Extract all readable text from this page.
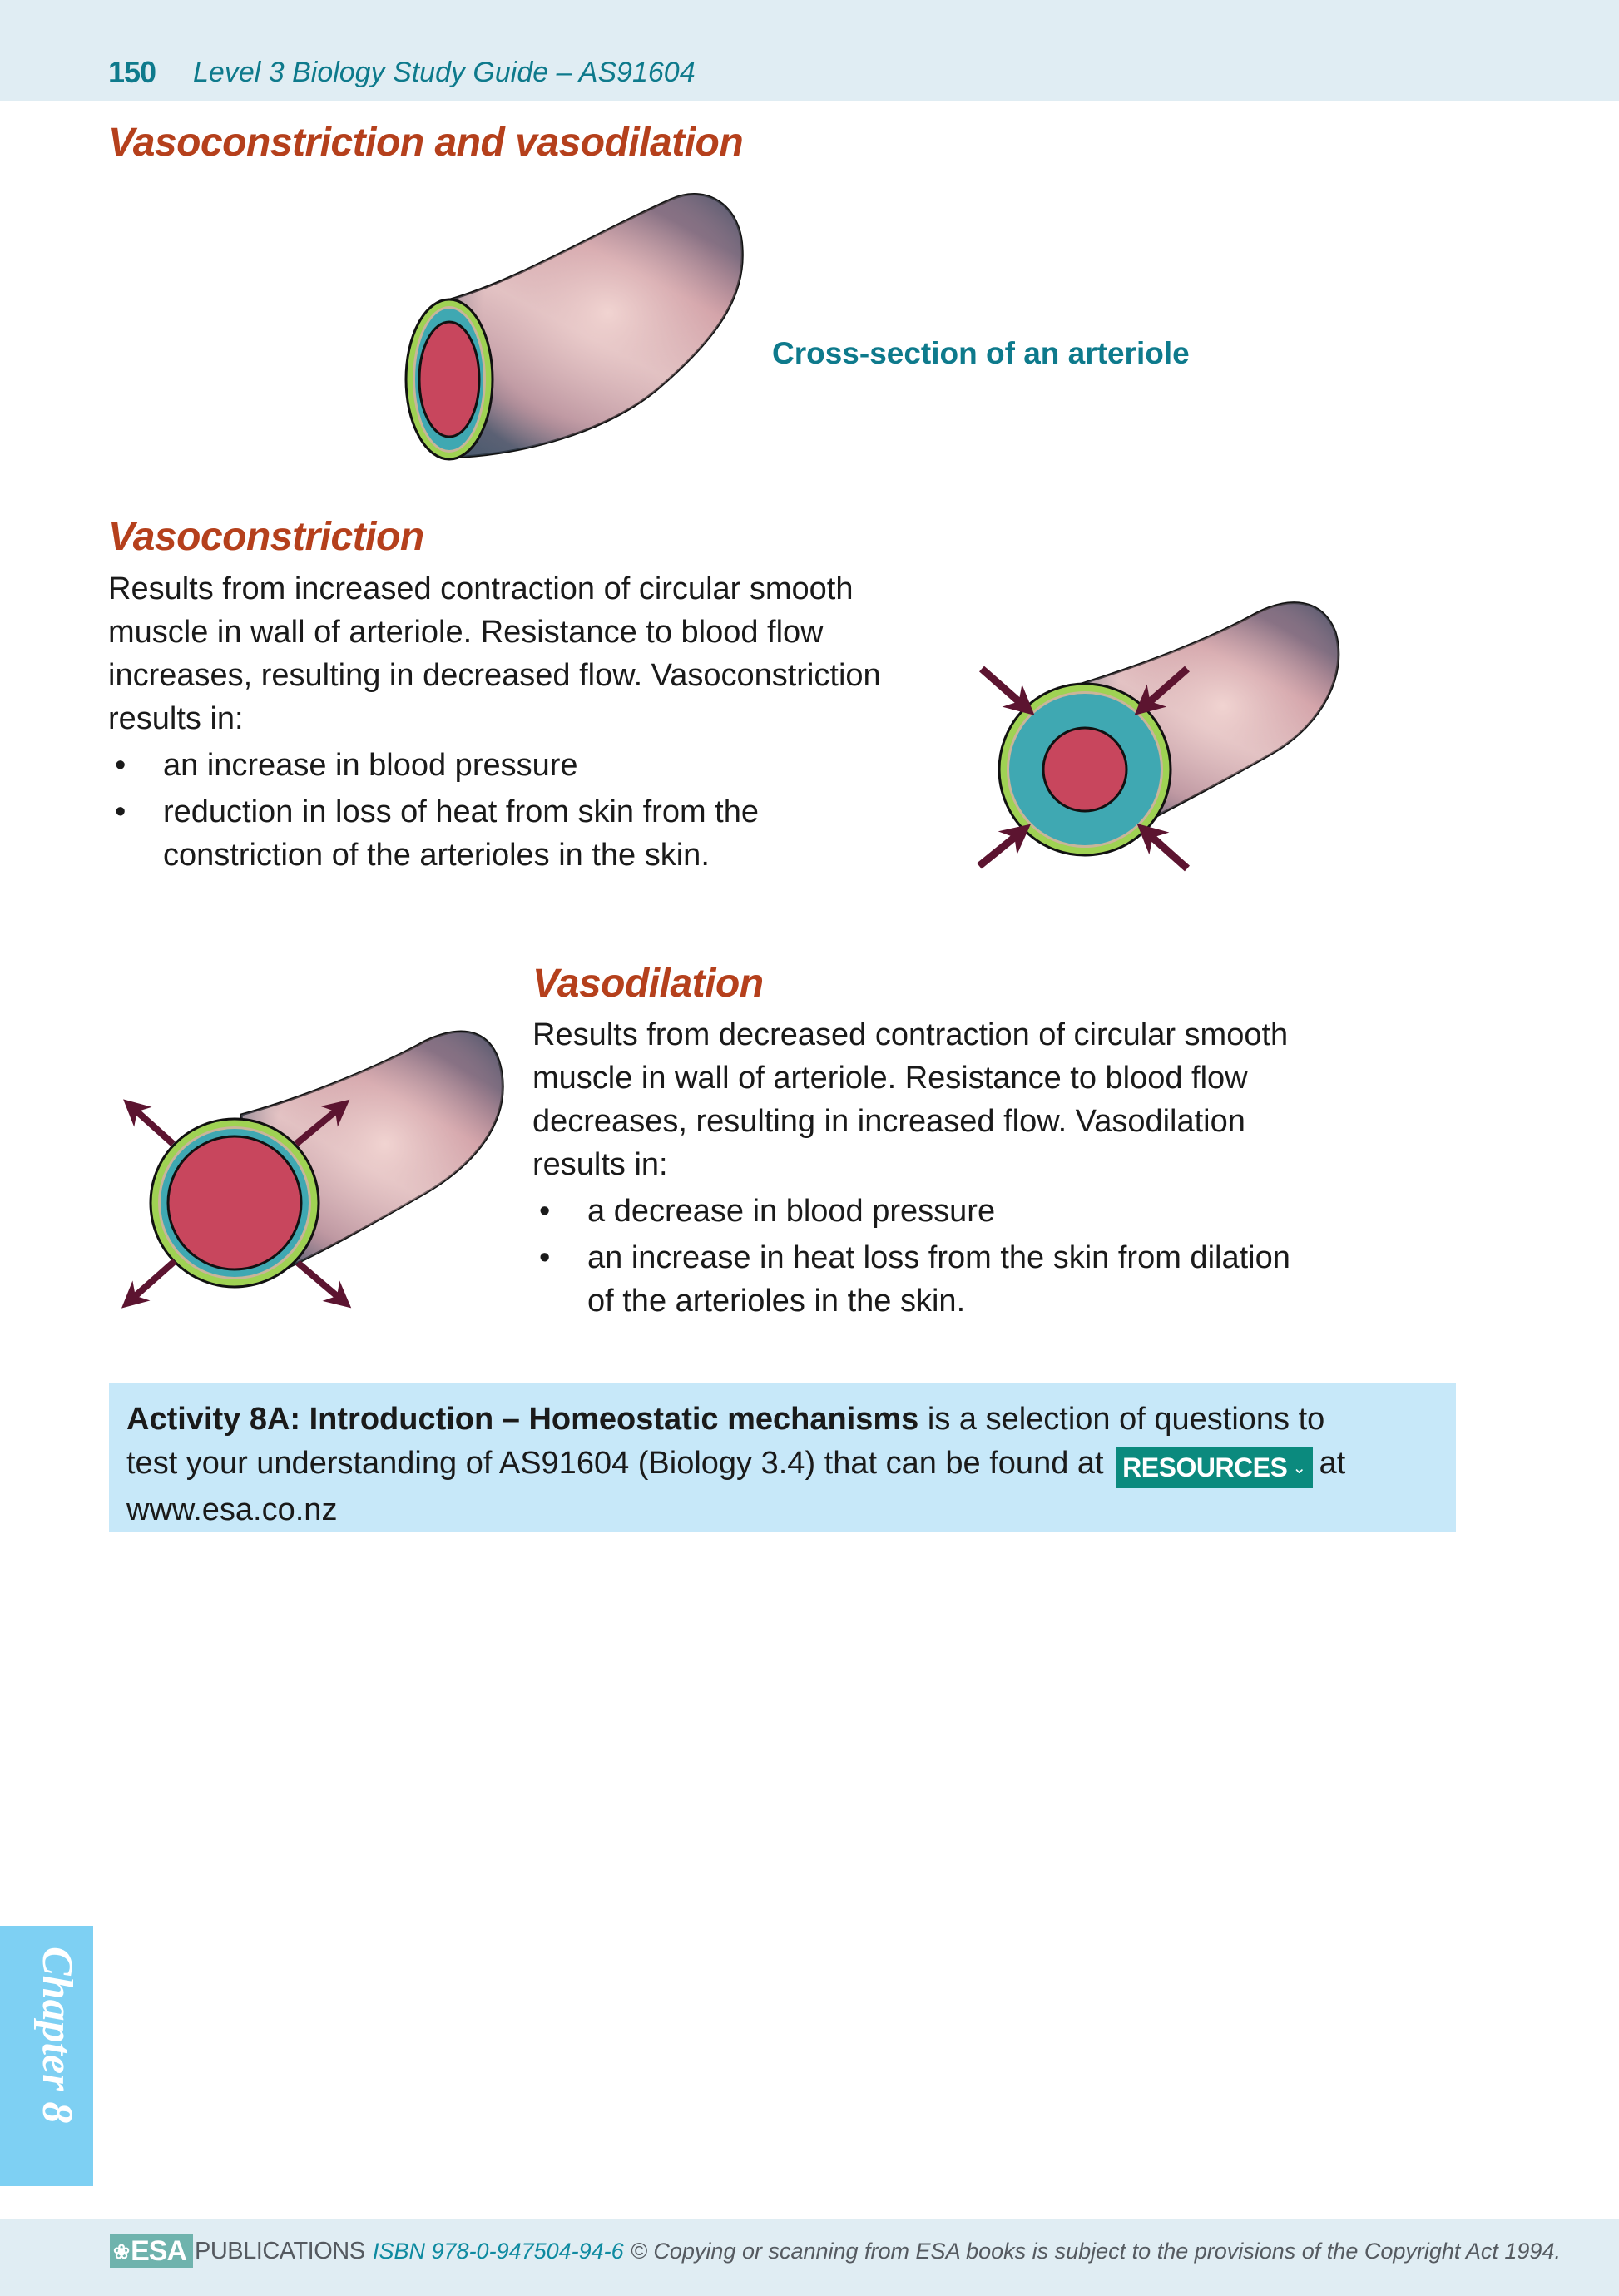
150 Level 3 Biology Study Guide – AS91604
Vasoconstriction and vasodilation
Cross-section of an arteriole
Vasoconstriction

Results from increased contraction of circular smooth

muscle in wall of arteriole. Resistance to blood flow

increases, resulting in decreased flow. Vasoconstriction

results in:

• an increase in blood pressure
• reduction in loss of heat from skin from the
constriction of the arterioles in the skin.
Vasodilation

Results from decreased contraction of circular smooth

muscle in wall of arteriole. Resistance to blood flow

decreases, resulting in increased flow. Vasodilation

results in:

• a decrease in blood pressure
• an increase in heat loss from the skin from dilation
of the arterioles in the skin.
Activity 8A: Introduction – Homeostatic mechanisms is a selection of questions to
test your understanding of AS91604 (Biology 3.4) that can be found at RESOURCES ⌄ at
www.esa.co.nz
Chapter 8
❀ESA PUBLICATIONS ISBN 978-0-947504-94-6 © Copying or scanning from ESA books is subject to the provisions of the Copyright Act 1994.
